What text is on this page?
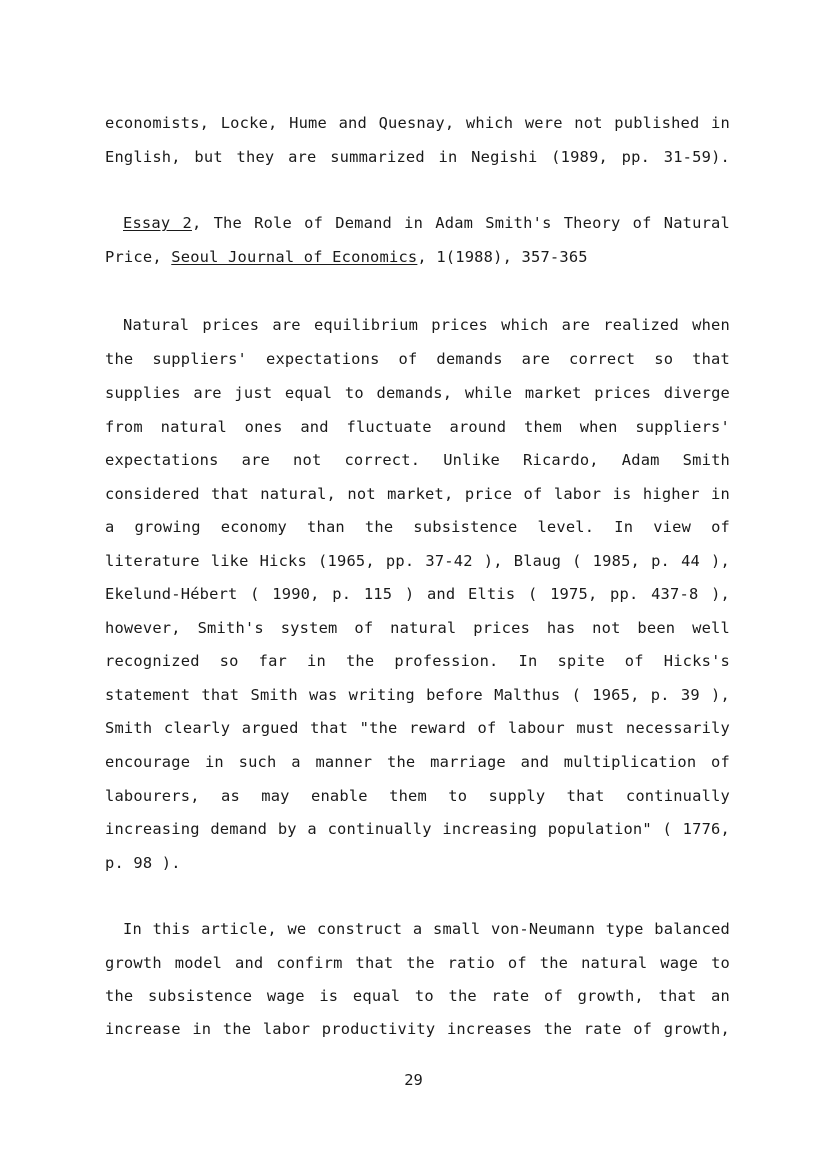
economists, Locke, Hume and Quesnay, which were not published in
English, but they are summarized in Negishi (1989, pp. 31-59).
Essay 2, The Role of Demand in Adam Smith's Theory of Natural
Price, Seoul Journal of Economics, 1(1988), 357-365
Natural prices are equilibrium prices which are realized when
the suppliers' expectations of demands are correct so that
supplies are just equal to demands, while market prices diverge
from natural ones and fluctuate around them when suppliers'
expectations are not correct. Unlike Ricardo, Adam Smith
considered that natural, not market, price of labor is higher in
a growing economy than the subsistence level. In view of
literature like Hicks (1965, pp. 37-42 ), Blaug ( 1985, p. 44 ),
Ekelund-Hébert ( 1990, p. 115 ) and Eltis ( 1975, pp. 437-8 ),
however, Smith's system of natural prices has not been well
recognized so far in the profession. In spite of Hicks's
statement that Smith was writing before Malthus ( 1965, p. 39 ),
Smith clearly argued that "the reward of labour must necessarily
encourage in such a manner the marriage and multiplication of
labourers, as may enable them to supply that continually
increasing demand by a continually increasing population" ( 1776,
p. 98 ).
In this article, we construct a small von-Neumann type balanced
growth model and confirm that the ratio of the natural wage to
the subsistence wage is equal to the rate of growth, that an
increase in the labor productivity increases the rate of growth,
29
